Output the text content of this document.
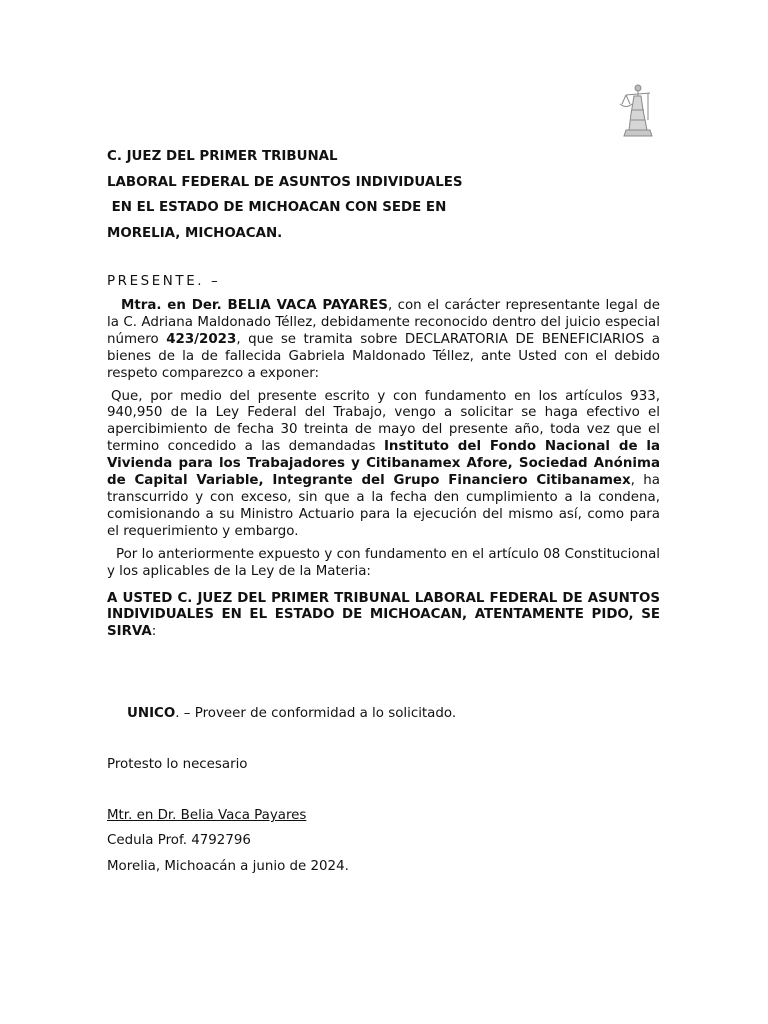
C. JUEZ DEL PRIMER TRIBUNAL
LABORAL FEDERAL DE ASUNTOS INDIVIDUALES
EN EL ESTADO DE MICHOACAN CON SEDE EN
MORELIA, MICHOACAN.
PRESENTE. –

Mtra. en Der. BELIA VACA PAYARES, con el carácter representante legal de la C. Adriana Maldonado Téllez, debidamente reconocido dentro del juicio especial número 423/2023, que se tramita sobre DECLARATORIA DE BENEFICIARIOS a bienes de la de fallecida Gabriela Maldonado Téllez, ante Usted con el debido respeto comparezco a exponer:

Que, por medio del presente escrito y con fundamento en los artículos 933, 940,950 de la Ley Federal del Trabajo, vengo a solicitar se haga efectivo el apercibimiento de fecha 30 treinta de mayo del presente año, toda vez que el termino concedido a las demandadas Instituto del Fondo Nacional de la Vivienda para los Trabajadores y Citibanamex Afore, Sociedad Anónima de Capital Variable, Integrante del Grupo Financiero Citibanamex, ha transcurrido y con exceso, sin que a la fecha den cumplimiento a la condena, comisionando a su Ministro Actuario para la ejecución del mismo así, como para el requerimiento y embargo.

Por lo anteriormente expuesto y con fundamento en el artículo 08 Constitucional y los aplicables de la Ley de la Materia:

A USTED C. JUEZ DEL PRIMER TRIBUNAL LABORAL FEDERAL DE ASUNTOS INDIVIDUALES EN EL ESTADO DE MICHOACAN, ATENTAMENTE PIDO, SE SIRVA:

UNICO. – Proveer de conformidad a lo solicitado.
Protesto lo necesario
Mtr. en Dr. Belia Vaca Payares
Cedula Prof. 4792796
Morelia, Michoacán a junio de 2024.
